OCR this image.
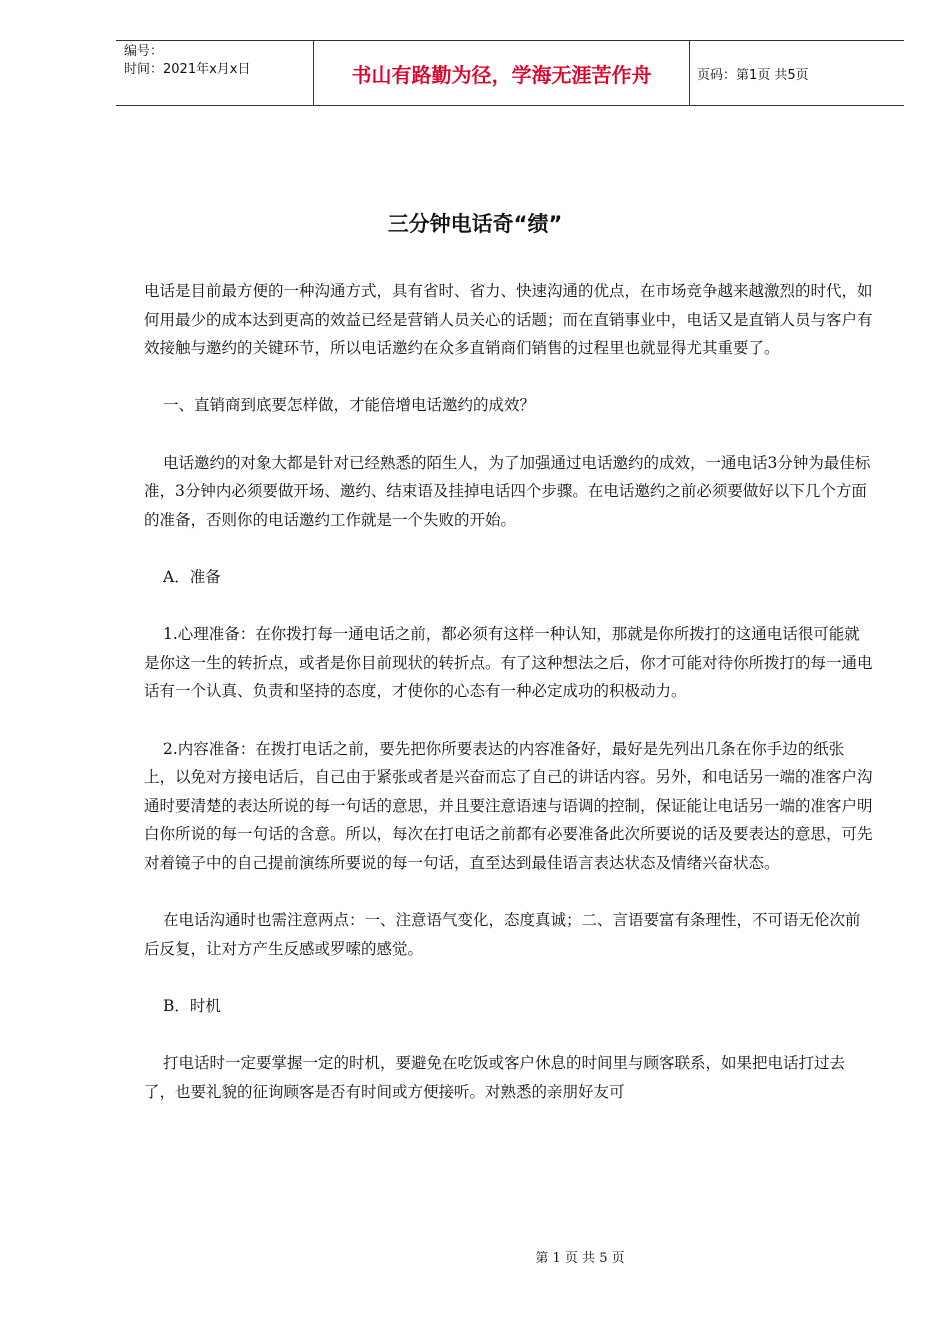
编号：
时间：2021年x月x日	书山有路勤为径，学海无涯苦作舟	页码：第1页 共5页
三分钟电话奇“绩”

电话是目前最方便的一种沟通方式，具有省时、省力、快速沟通的优点，在市场竞争越来越激烈的时代，如何用最少的成本达到更高的效益已经是营销人员关心的话题；而在直销事业中，电话又是直销人员与客户有效接触与邀约的关键环节，所以电话邀约在众多直销商们销售的过程里也就显得尤其重要了。

一、直销商到底要怎样做，才能倍增电话邀约的成效？

电话邀约的对象大都是针对已经熟悉的陌生人，为了加强通过电话邀约的成效，一通电话3分钟为最佳标准，3分钟内必须要做开场、邀约、结束语及挂掉电话四个步骤。在电话邀约之前必须要做好以下几个方面的准备，否则你的电话邀约工作就是一个失败的开始。

A．准备

1.心理准备：在你拨打每一通电话之前，都必须有这样一种认知，那就是你所拨打的这通电话很可能就是你这一生的转折点，或者是你目前现状的转折点。有了这种想法之后，你才可能对待你所拨打的每一通电话有一个认真、负责和坚持的态度，才使你的心态有一种必定成功的积极动力。

2.内容准备：在拨打电话之前，要先把你所要表达的内容准备好，最好是先列出几条在你手边的纸张上，以免对方接电话后，自己由于紧张或者是兴奋而忘了自己的讲话内容。另外，和电话另一端的准客户沟通时要清楚的表达所说的每一句话的意思，并且要注意语速与语调的控制，保证能让电话另一端的准客户明白你所说的每一句话的含意。所以，每次在打电话之前都有必要准备此次所要说的话及要表达的意思，可先对着镜子中的自己提前演练所要说的每一句话，直至达到最佳语言表达状态及情绪兴奋状态。

在电话沟通时也需注意两点：一、注意语气变化，态度真诚；二、言语要富有条理性，不可语无伦次前后反复，让对方产生反感或罗嗦的感觉。

B．时机

打电话时一定要掌握一定的时机，要避免在吃饭或客户休息的时间里与顾客联系，如果把电话打过去了，也要礼貌的征询顾客是否有时间或方便接听。对熟悉的亲朋好友可

第 1 页 共 5 页
